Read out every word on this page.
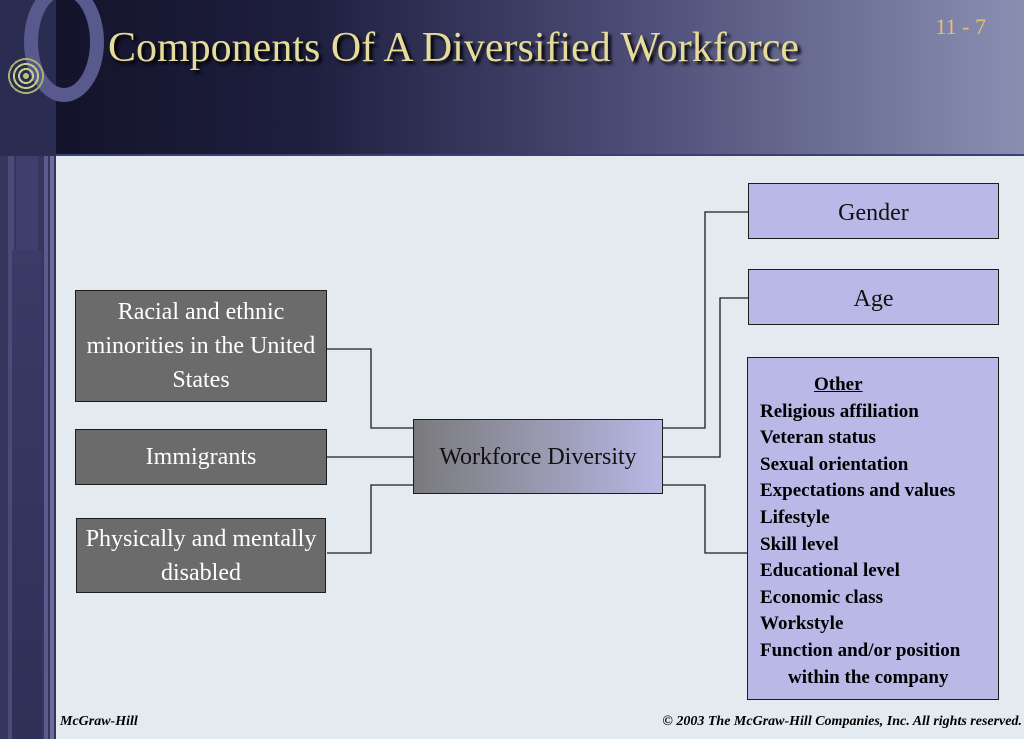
Components Of A Diversified Workforce	11 - 7
Racial and ethnic minorities in the United States
Immigrants
Physically and mentally disabled
Workforce Diversity
Gender
Age
Other
Religious affiliation
Veteran status
Sexual orientation
Expectations and values
Lifestyle
Skill level
Educational level
Economic class
Workstyle
Function and/or position
within the company
McGraw-Hill	© 2003 The McGraw-Hill Companies, Inc. All rights reserved.
